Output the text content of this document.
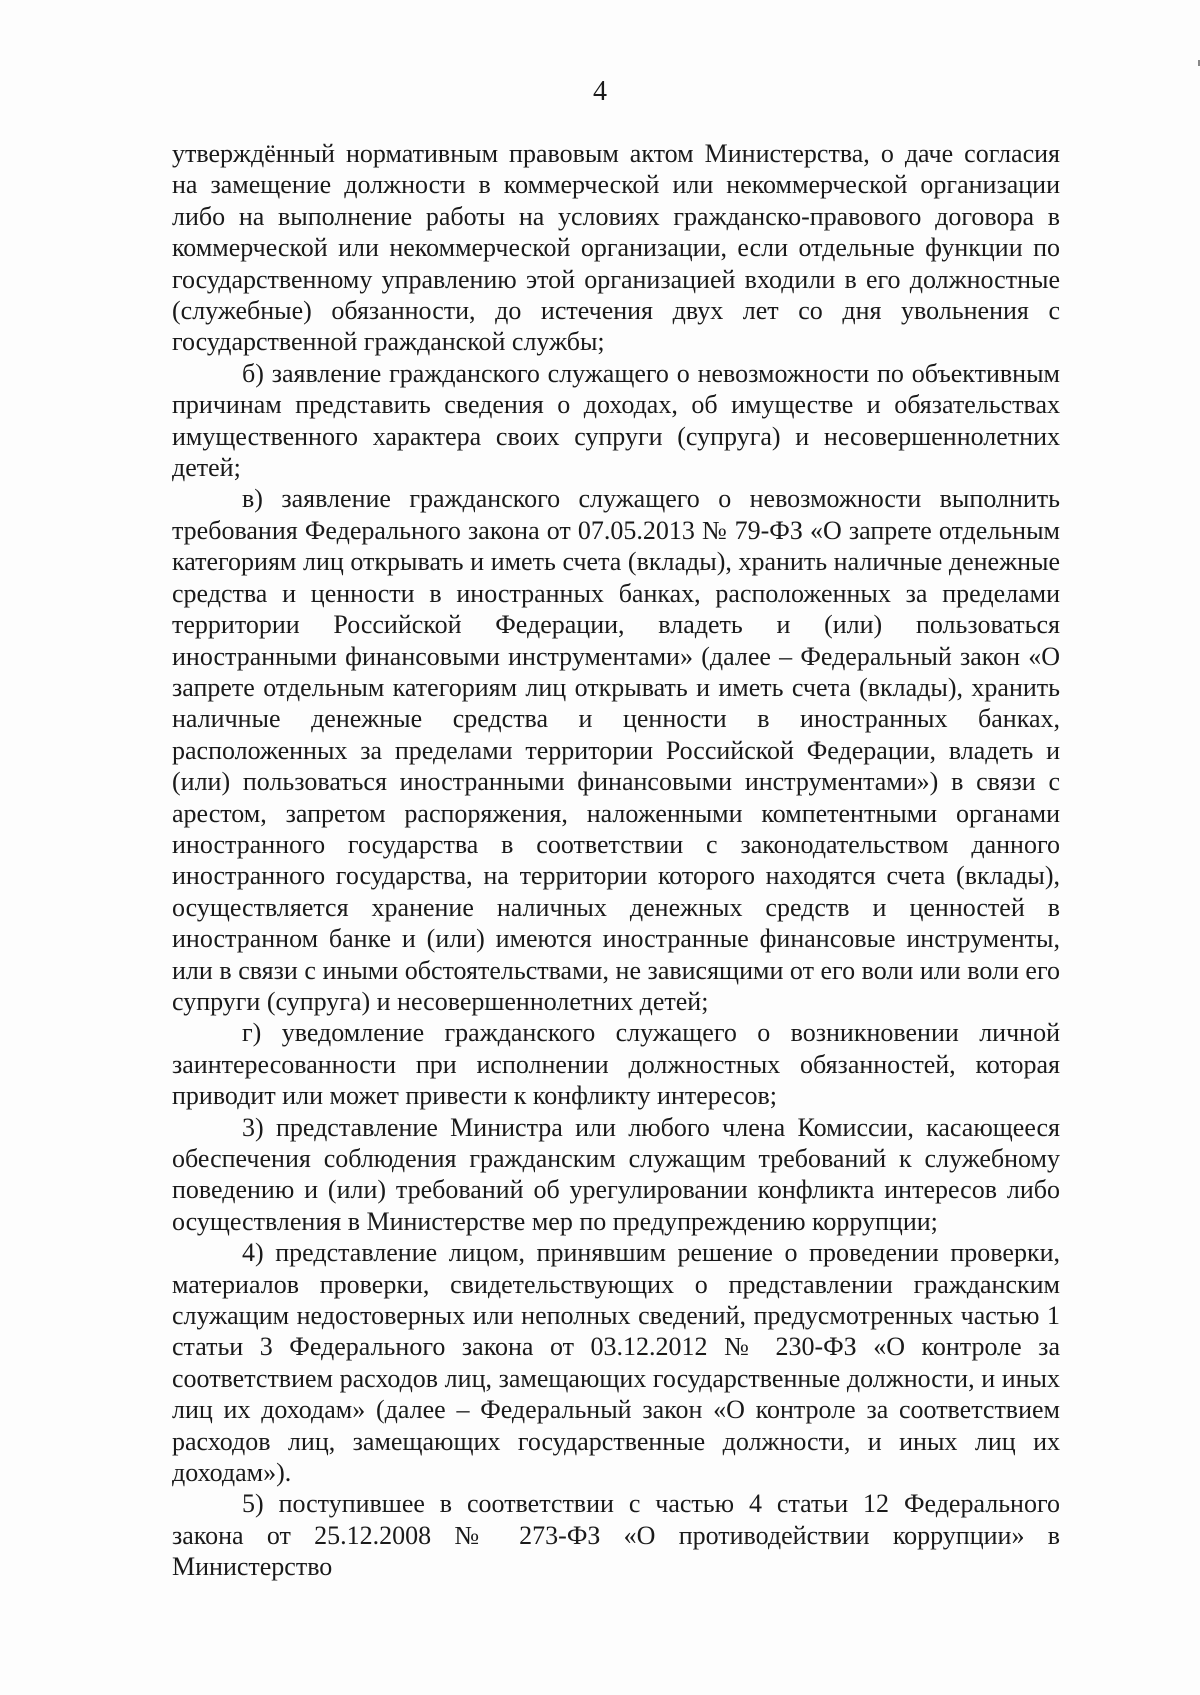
4

утверждённый нормативным правовым актом Министерства, о даче согласия на замещение должности в коммерческой или некоммерческой организации либо на выполнение работы на условиях гражданско-правового договора в коммерческой или некоммерческой организации, если отдельные функции по государственному управлению этой организацией входили в его должностные (служебные) обязанности, до истечения двух лет со дня увольнения с государственной гражданской службы;

б) заявление гражданского служащего о невозможности по объективным причинам представить сведения о доходах, об имуществе и обязательствах имущественного характера своих супруги (супруга) и несовершеннолетних детей;

в) заявление гражданского служащего о невозможности выполнить требования Федерального закона от 07.05.2013 № 79-ФЗ «О запрете отдельным категориям лиц открывать и иметь счета (вклады), хранить наличные денежные средства и ценности в иностранных банках, расположенных за пределами территории Российской Федерации, владеть и (или) пользоваться иностранными финансовыми инструментами» (далее – Федеральный закон «О запрете отдельным категориям лиц открывать и иметь счета (вклады), хранить наличные денежные средства и ценности в иностранных банках, расположенных за пределами территории Российской Федерации, владеть и (или) пользоваться иностранными финансовыми инструментами») в связи с арестом, запретом распоряжения, наложенными компетентными органами иностранного государства в соответствии с законодательством данного иностранного государства, на территории которого находятся счета (вклады), осуществляется хранение наличных денежных средств и ценностей в иностранном банке и (или) имеются иностранные финансовые инструменты, или в связи с иными обстоятельствами, не зависящими от его воли или воли его супруги (супруга) и несовершеннолетних детей;

г) уведомление гражданского служащего о возникновении личной заинтересованности при исполнении должностных обязанностей, которая приводит или может привести к конфликту интересов;

3) представление Министра или любого члена Комиссии, касающееся обеспечения соблюдения гражданским служащим требований к служебному поведению и (или) требований об урегулировании конфликта интересов либо осуществления в Министерстве мер по предупреждению коррупции;

4) представление лицом, принявшим решение о проведении проверки, материалов проверки, свидетельствующих о представлении гражданским служащим недостоверных или неполных сведений, предусмотренных частью 1 статьи 3 Федерального закона от 03.12.2012 № 230-ФЗ «О контроле за соответствием расходов лиц, замещающих государственные должности, и иных лиц их доходам» (далее – Федеральный закон «О контроле за соответствием расходов лиц, замещающих государственные должности, и иных лиц их доходам»).

5) поступившее в соответствии с частью 4 статьи 12 Федерального закона от 25.12.2008 № 273-ФЗ «О противодействии коррупции» в Министерство
